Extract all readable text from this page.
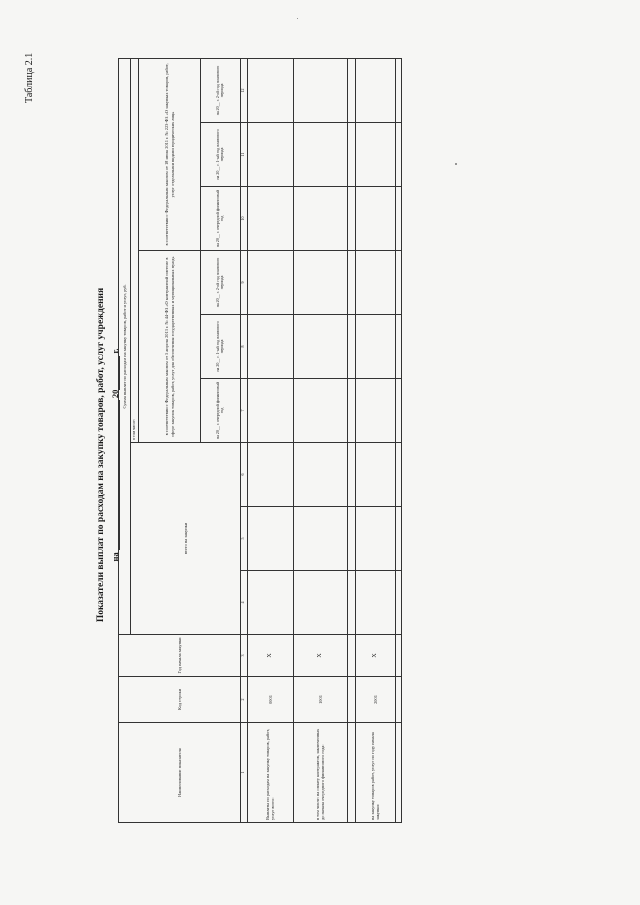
Таблица 2.1
Показатели выплат по расходам на закупку товаров, работ, услуг учреждения на  20 г.
Наименование показателя	Код строки	Год начала закупки	Сумма выплат по расходам на закупку товаров, работ и услуг, руб.									
			всего на закупки			в том числе:						
						в соответствии с Федеральным законом от 5 апреля 2013 г. № 44-ФЗ «О контрактной системе в сфере закупок товаров, работ, услуг для обеспечения государственных и муниципальных нужд»			в соответствии с Федеральным законом от 18 июля 2011 г. № 223-ФЗ «О закупках товаров, работ, услуг отдельными видами юридических лиц»			
						на 20__ г. очередной финансовый год	на 20__ г. 1-ый год планового периода	на 20__ г. 2-ой год планового периода	на 20__ г. очередной финансовый год	на 20__ г. 1-ый год планового периода	на 20__ г. 2-ой год планового периода			
1	2	3	4	5	6	7	8	9	10	11	12	
Выплаты по расходам на закупку товаров, работ, услуг всего:	0001	X										
в том числе: на оплату контрактов, заключенных до начала очередного финансового года:	1001	X										

на закупку товаров работ, услуг по году начала закупки:	2001	X										
